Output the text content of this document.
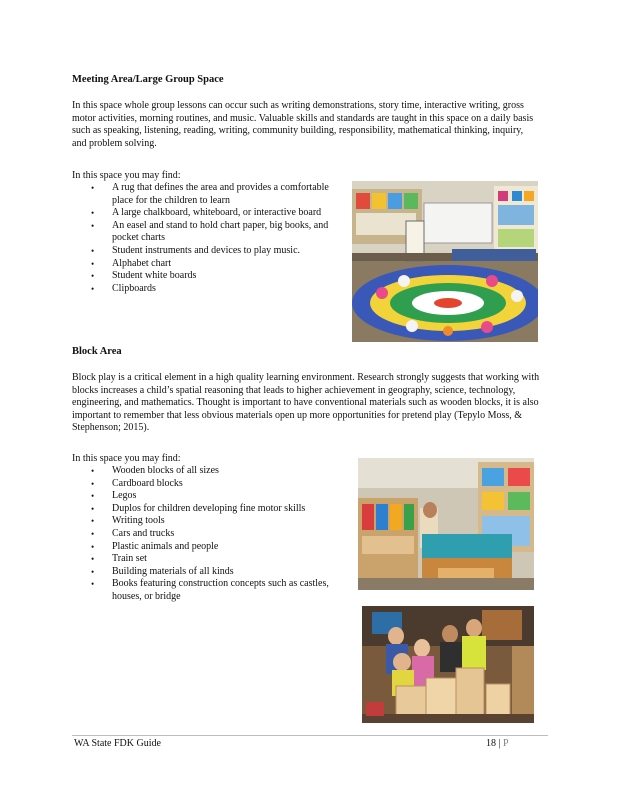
Meeting Area/Large Group Space
In this space whole group lessons can occur such as writing demonstrations, story time, interactive writing, gross motor activities, morning routines, and music. Valuable skills and standards are taught in this space on a daily basis such as speaking, listening, reading, writing, community building, responsibility, mathematical thinking, inquiry, and problem solving.
In this space you may find:
• A rug that defines the area and provides a comfortable place for the children to learn
• A large chalkboard, whiteboard, or interactive board
• An easel and stand to hold chart paper, big books, and pocket charts
• Student instruments and devices to play music.
• Alphabet chart
• Student white boards
• Clipboards
Block Area
Block play is a critical element in a high quality learning environment. Research strongly suggests that working with blocks increases a child’s spatial reasoning that leads to higher achievement in geography, science, technology, engineering, and mathematics. Thought is important to have conventional materials such as wooden blocks, it is also important to remember that less obvious materials open up more opportunities for pretend play (Tepylo Moss, & Stephenson; 2015).
In this space you may find:
• Wooden blocks of all sizes
• Cardboard blocks
• Legos
• Duplos for children developing fine motor skills
• Writing tools
• Cars and trucks
• Plastic animals and people
• Train set
• Building materials of all kinds
• Books featuring construction concepts such as castles, houses, or bridge
WA State FDK Guide	18 | P
